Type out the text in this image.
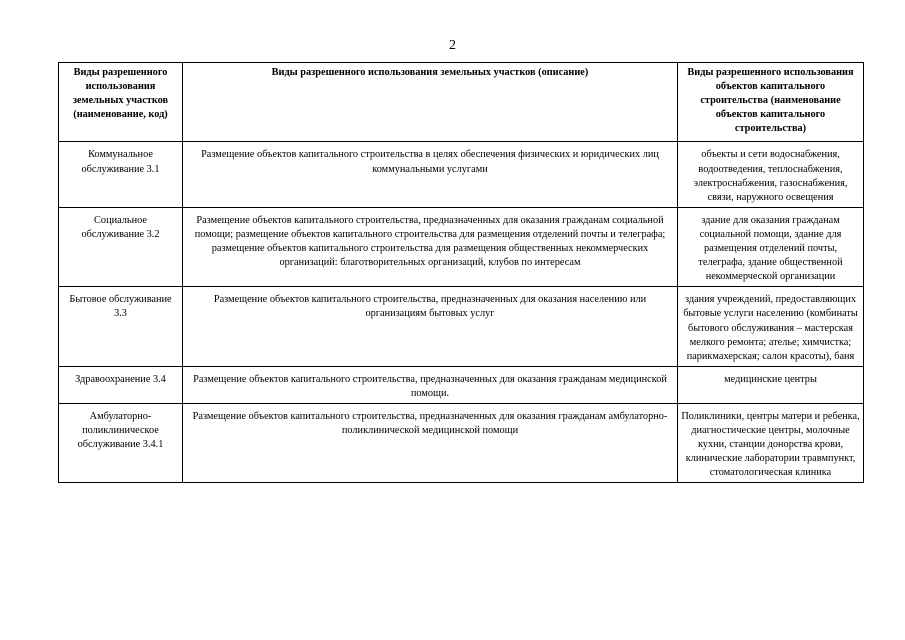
2
Виды разрешенного использования земельных участков (наименование, код)	Виды разрешенного использования земельных участков (описание)	Виды разрешенного использования объектов капитального строительства (наименование объектов капитального строительства)
Коммунальное обслуживание 3.1	Размещение объектов капитального строительства в целях обеспечения физических и юридических лиц коммунальными услугами	объекты и сети водоснабжения, водоотведения, теплоснабжения, электроснабжения, газоснабжения, связи, наружного освещения
Социальное обслуживание 3.2	Размещение объектов капитального строительства, предназначенных для оказания гражданам социальной помощи; размещение объектов капитального строительства для размещения отделений почты и телеграфа; размещение объектов капитального строительства для размещения общественных некоммерческих организаций: благотворительных организаций, клубов по интересам	здание для оказания гражданам социальной помощи, здание для размещения отделений почты, телеграфа, здание общественной некоммерческой организации
Бытовое обслуживание 3.3	Размещение объектов капитального строительства, предназначенных для оказания населению или организациям бытовых услуг	здания учреждений, предоставляющих бытовые услуги населению (комбинаты бытового обслуживания – мастерская мелкого ремонта; ателье; химчистка; парикмахерская; салон красоты), баня
Здравоохранение 3.4	Размещение объектов капитального строительства, предназначенных для оказания гражданам медицинской помощи.	медицинские центры
Амбулаторно-поликлиническое обслуживание 3.4.1	Размещение объектов капитального строительства, предназначенных для оказания гражданам амбулаторно-поликлинической медицинской помощи	Поликлиники, центры матери и ребенка, диагностические центры, молочные кухни, станции донорства крови, клинические лаборатории травмпункт, стоматологическая клиника
